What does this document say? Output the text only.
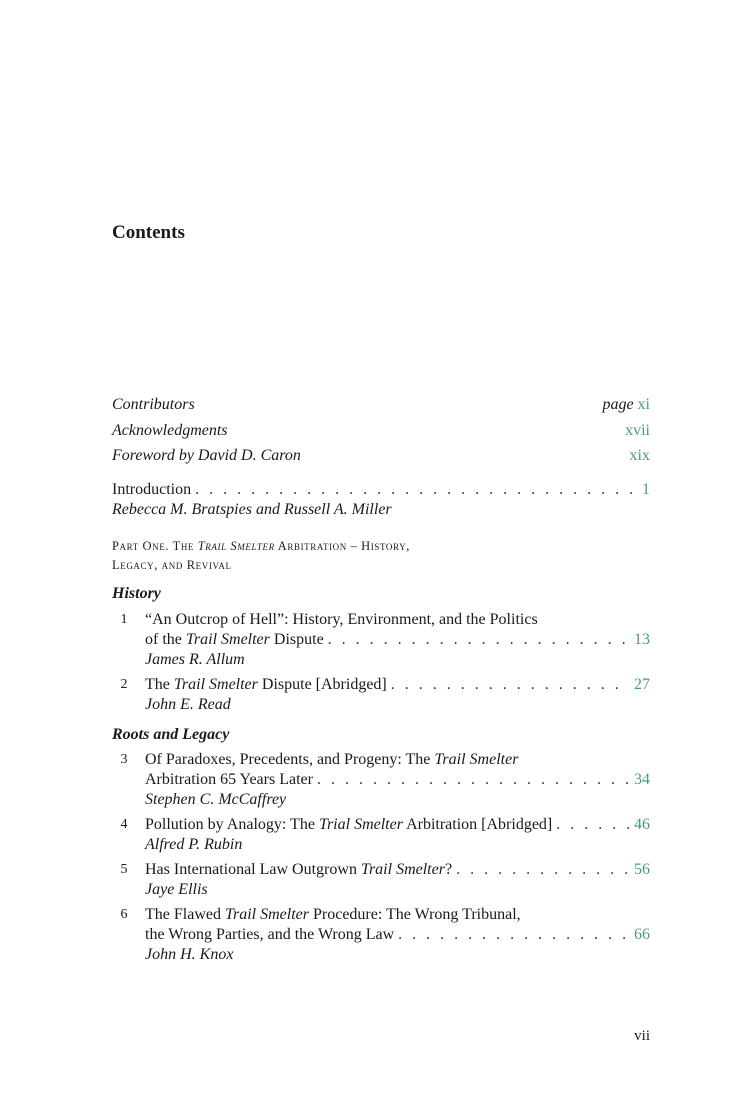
Contents
Contributors	page xi
Acknowledgments	xvii
Foreword by David D. Caron	xix
Introduction . . .	1
Rebecca M. Bratspies and Russell A. Miller
Part One. The Trail Smelter Arbitration – History,
Legacy, and Revival
History
1	“An Outcrop of Hell”: History, Environment, and the Politics
of the Trail Smelter Dispute . . .	13
James R. Allum
2	The Trail Smelter Dispute [Abridged] . . .	27
John E. Read
Roots and Legacy
3	Of Paradoxes, Precedents, and Progeny: The Trail Smelter
Arbitration 65 Years Later . . .	34
Stephen C. McCaffrey
4	Pollution by Analogy: The Trial Smelter Arbitration [Abridged] . . .	46
Alfred P. Rubin
5	Has International Law Outgrown Trail Smelter? . . .	56
Jaye Ellis
6	The Flawed Trail Smelter Procedure: The Wrong Tribunal,
the Wrong Parties, and the Wrong Law . . .	66
John H. Knox
vii
